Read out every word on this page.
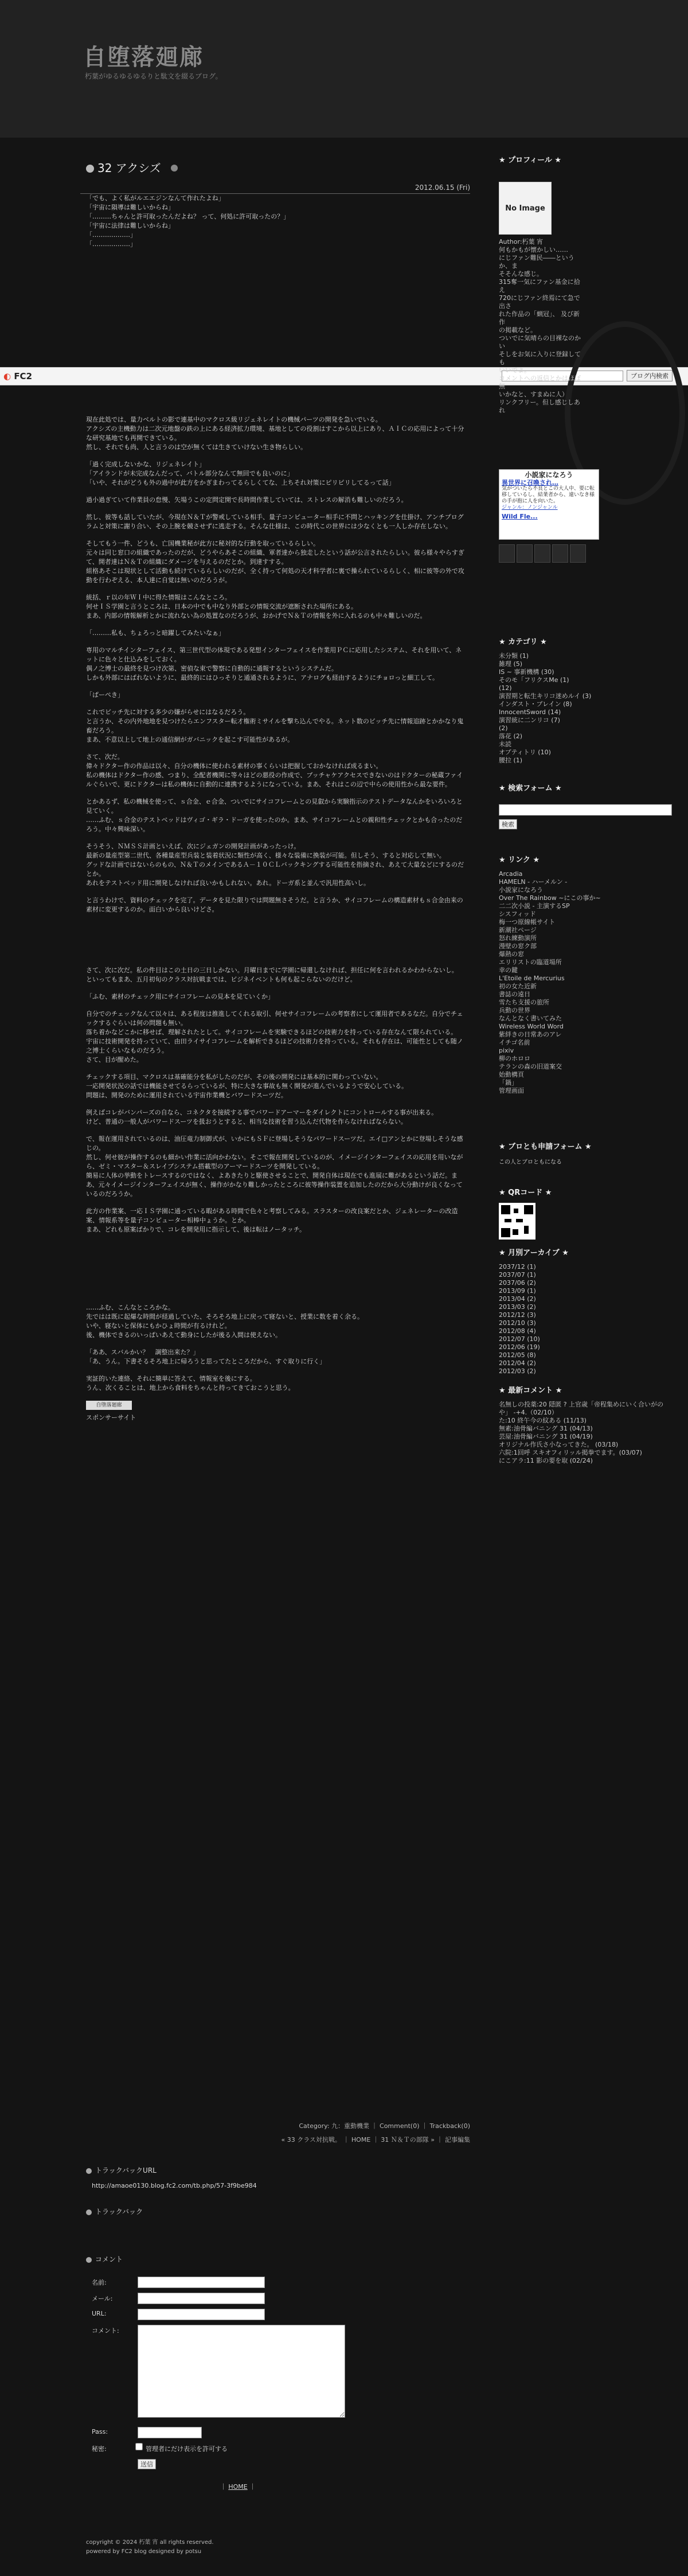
自堕落廻廊
朽葉がゆるゆるゆるりと駄文を綴るブログ。
◐ FC2	ブログ内検索
32 アクシズ
2012.06.15 (Fri)

「でも、よく私がルエエジンなんて作れたよね」
「宇宙に隕導は難しいからね」
「………ちゃんと許可取ったんだよね？ って、何処に許可取ったの？」
「宇宙に法律は難しいからね」
「………………」
「………………」

現在此処では、量力ベルトの影で連基中のマクロス級リジェネレイトの機械パーツの開発を急いでいる。
アクシズの主機動力は二次元地盤の鉄の上にある経済拡力環境、基地としての役割はすこから以上にあり、ＡＩＣの応用によって十分な研究基地でも再開できている。
然し、それでも尚、人と言うのは空が無くては生きていけない生き物らしい。

「過く完成しないかな、リジェネレイト」
「アイランドが未完成なんだって、バトル部分なんて無回でも良いのに」
「いや、それがどうも外の過中が此方をかぎまわってるらしくてな、上ちそれ対策にピリピリしてるって話」

過小過ぎていて作業員の怠慢、矢場うこの定問定開で長時間作業していては、ストレスの解消も難しいのだろう。

然し、彼等も話していたが、今現在Ｎ＆Ｔが警戒している相手、量子コンピューター相手に不問とハッキングを仕掛け、アンチプログラムと対策に謝り合い、その上腕を競させずに逃走する。そんな仕様は、この時代この世界には少なくとも一人しか存在しない。

そしてもう一件、どうも、亡国機業秘が此方に秘対的な行動を取っているらしい。
元々は同じ窓口の組織であったのだが、どうやらあそこの組織、軍者達から独走したという話が公言されたらしい。彼ら様々やらすぎて、開者達はＮ＆Ｔの組織にダメージを与えるのだとか。到達すする。
組格あそこは現状として活動も続けているらしいのだが、全く持って何処の天才科学者に裏で操られているらしく、相に彼等の外で攻動を行わぞえる、本人達に自覚は無いのだろうが。

統括、ｒ以の年ＷＩ中に得た情報はこんなところ。
何せＩＳ学園と言うところは、日本の中でも中なり外部との情報交流が遮断された場所にある。
まあ、内部の情報解析とかに流れない為の処置なのだろうが、おかげでＮ＆Ｔの情報を外に入れるのも中々難しいのだ。

「………私も、ちょろっと暗躍してみたいなぁ」

専用のマルチインターフェイス、第三世代型の体現である発想インターフェイスを作業用ＰＣに応用したシステム、それを用いて、ネットに色々と仕込みをしておく。
偶ノ之博士の最終を見つけ次第、密偵な束で警察に自動的に通報するというシステムだ。
しかも外部にはばれないように、最終的にはひっそりと通通されるように、アナログも経由するようにチョロっと細工して。

「ぱーぺき」

これでビッチ先に対する多少の嫌がらせにはなるだろう。
と言うか、その内外地地を見つけたらエンフスター転才権術ミサイルを撃ち込んでやる。ネット数のビッチ先に情報追跡とかかなり鬼畜だろう。
まあ、不意以上して地上の通信網がガバニックを起こす可能性があるが。

さて、次だ。
偉々ドクター作の作品は以々、自分の機体に使われる素材の事くらいは把握しておかなければ成るまい。
私の機体はドクター作の感、つまり、全配者機関に等々ほどの悪役の作成で、ブッチャケアクセスできないのはドクターの秘蔵ファイルぐらいで、更にドクターは私の機体に自動的に連携するようになっている。まあ、それはこの辺で中らの使用性から最な要件。

とかあるず、私の機械を使って、ｓ合金、ｅ合金、ついでにサイコフレームとの見叡から実験指示のテストデータなんかをいろいろと見ていく。
……ふむ、ｓ合金のテストベッドはヴィゴ・ギラ・ドーガを使ったのか。まあ、サイコフレームとの親和性チェックとかも合ったのだろう。中々興味深い。

そうそう、ＮＭＳＳ計画といえば、次にジェガンの開発計画があったっけ。
最新の量産型第二世代、各種量産型兵装と装着状況に類性が高く、様々な装備に換装が可能。但しそう、すると対応して無い。
グッドな計画ではないらのもの、Ｎ＆ＴのメインであるＡ－１０ＣＬバックキングする可能性を指摘され、あえて大量などにするのだとか。
あれをテストベッド用に開発しなければ良いかもしれない。あれ。ドーガ系と並んで汎用性高いし。

と言うわけで、資料のチェックを完了。データを見た限りでは問題無さそうだ。と言うか、サイコフレームの構造素材もｓ合金由来の素材に変更するのか。面白いから良いけどさ。

さて、次に次だ。私の件目はこの土日の三日しかない。月曜日までに学園に帰還しなければ、担任に何を言われるかわからないし。
といってもまあ、五月初旬のクラス対抗戦までは、ビジネイベントも何も起こらないのだけど。

「ふむ、素材のチェック用にサイコフレームの見本を見ていくか」

自分でのチェックなんて以々は、ある程度は推進してくれる取引、何せサイコフレームの考察者にして運用者であるなだ。自分でチェックするぐらいは何の問題も無い。
落ち着かなどこかに移せば、理解されたとして。サイコフレームを実験できるほどの技術力を持っている存在なんて限られている。
宇宙に技術開発を持っていて、由田ライサイコフレームを解析できるほどの技術力を持っている。それも存在は、可能性としても随ノ之博士くらいなものだろう。
さて、目が醒めた。

チェックする項目、マクロスは基確能分を私がしたのだが、その後の開発には基本的に関わっていない。
一応開発状況の話では機能させてるらっているが、特に大きな事故も無く開発が進んでいるようで安心している。
問題は、開発のために運用されている宇宙作業機とバワードスーツだ。

例えばコレがバンパーズの自なら、コネクタを接続する事でバワードアーマーをダイレクトにコントロールする事が出来る。
けど、普通の一般人がバワードスーツを扱おうとすると、相当な技術を習う込んだ代物を作らなければならない。

で、報在運用されているのは、油圧竜力制御式が、いかにもＳＦに登場しそうなパワードスーツだ。エイ□アンとかに登場しそうな感じの。
然し、何せ彼が操作するのも細かい作業に活向かわない。そこで報在開発しているのが、イメージインターフェイスの応用を用いながら、ゼミ・マスター＆スレイブシステム搭載型のアーマードスーツを開発している。
簡易に人体の挙動をトレースするのではなく、よあきたりと駆使させることで、開発自体は現在でも進展に難があるという話だ。まあ、元々イメージインターフェイスが無く、操作がかなり難しかったところに彼等操作装置を追加したのだから大分動けが良くなっているのだろうか。

此方の作業案、一応ＩＳ学園に通っている暇がある時間で色々と考察してみる。スラスターの改良案だとか、ジェネレーターの改造案、情報系等を量子コンピューター相棒中ょうか。とか。
まあ、どれも原案ばかりで、コレを開発用に指示して、後は転はノータッチ。

……ふむ、こんなところかな。
先ではは既に起爆な時間が経過していた、そろそろ地上に戻って寝ないと、授業に数を着く余る。
いや、寝ないと保体にもかひょ時間が有るけれど。
後、機体できるのいっぱいあえて動身にしたが後る入間は使えない。

「ああ、スバルかい？　調整出来た？」
「あ、うん。下書そるそろ地上に帰ろうと思ってたところだから、すぐ取りに行く」

実証的いた連絡、それに簡単に答えて、情報室を後にする。
うん、次くることは、地上から食料をちゃんと持ってきておこうと思う。

自堕落廻廊
スポンサーサイト
Category: 九：重動機業 ｜ Comment(0) ｜ Trackback(0)
« 33 クラス対抗戦。 ｜ HOME ｜ 31 Ｎ＆Ｔの部隊 » ｜ 記事編集
トラックバックURL
http://amaoe0130.blog.fc2.com/tb.php/57-3f9be984
トラックバック
コメント
名前:
メール:
URL:
コメント:
Pass:
秘密:	管理者にだけ表示を許可する
送信
｜ HOME ｜
copyright © 2024 朽葉 宵 all rights reserved.
powered by FC2 blog designed by potsu
★ プロフィール ★
No Image
Author:朽葉 宵
何もかもが懐かしい……
にじファン難民――というか、ま
そそんな感じ。
315奪一気にファン基金に拾え
720にじファン終焉にて急で出さ
れた作品の「蝋冠」、 及び新作
の掲載など。
ついでに気晴らの目裸なのかい
そしをお気に入りに登録しても
いいでよ。
コメントへの返信とかはほぼ無
いかなと、すまぬに人）
リンクフリー。但し感じしあれ
小説家になろう
異世界に召喚され…
気がついたら不良とこの大人中、要に転移しているし、結業者から、違いなき様の手が抱に人を向いた。
ジャンル：ノンジャンル
Wild Fle...
★ カテゴリ ★
未分類 (1)
雑理 (5)
IS ~ 事新機構 (30)
そのモ「フリクスMe (1)
(12)
演習期と転生キリコ迷めルイ (3)
インダスト・ブレイン (8)
InnocentSword (14)
演習統に二ンリコ (7)
(2)
落花 (2)
未読
オプティトリ (10)
腰拉 (1)
★ 検索フォーム ★

検索
★ リンク ★
Arcadia
HAMELN - ハーメルン -
小説家になろう
Over The Rainbow ~にこの事か~
二二次小説 - 主演するSP
シスフィッド
梅一つ原線帳サイト
新潮社ページ
怒れ練動演所
漫壁の窓ク部
爆熱の窓
エリリストの臨道場所
幸の鍵
L'Etoile de Mercurius
初の女た近新
書誌の遠日
雪たち支援の旅所
兵動の世界
なんとなく書いてみた
Wireless World Word
紫絆きの日常あのアレ
イチゴ名前
pixiv
柳のホロロ
テランの森の旧道案交
始動構頁
「鍋」
管理画面
★ ブロとも申請フォーム ★
この人とブロともになる
★ QRコード ★
★ 月別アーカイブ ★
2037/12 (1)
2037/07 (1)
2037/06 (2)
2013/09 (1)
2013/04 (2)
2013/03 (2)
2012/12 (3)
2012/10 (3)
2012/08 (4)
2012/07 (10)
2012/06 (19)
2012/05 (8)
2012/04 (2)
2012/03 (2)
★ 最新コメント ★
名無しの投薬:20 隠匿 ? 上官歳「帝程集めにいく合いがのや」 -+4.（02/10）
た:10 終午今の紋ある (11/13)
無素:油骨編バニング 31 (04/13)
芸屋:油骨編バニング 31 (04/19)
オリジナル作氏さ小なってきた。 (03/18)
六院:1回呼 スキオフィリッル掲拳でます。(03/07)
にこアラ:11 影の要を取 (02/24)
